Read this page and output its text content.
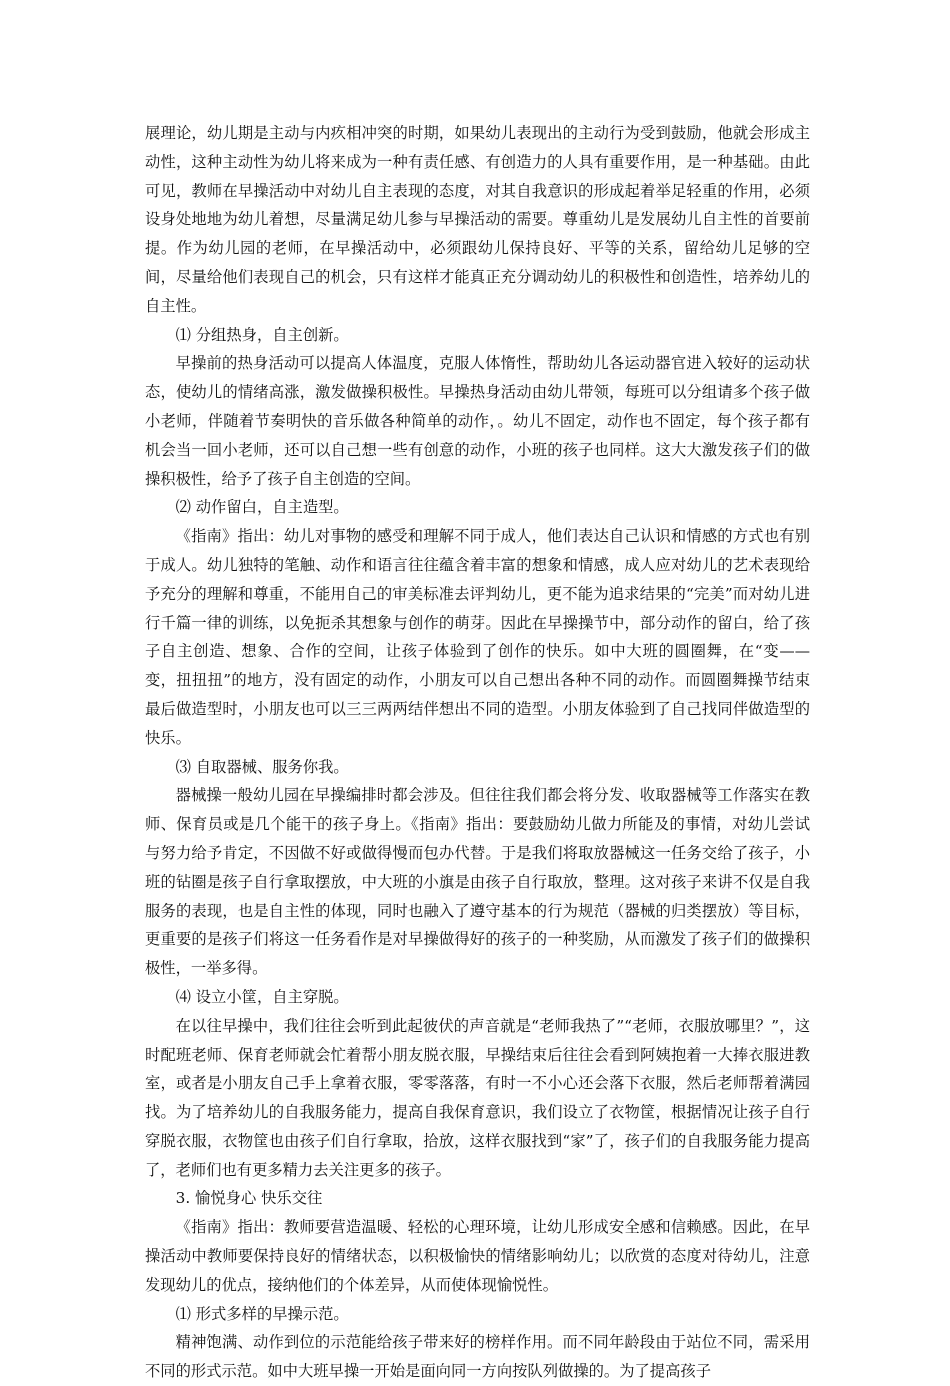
展理论，幼儿期是主动与内疚相冲突的时期，如果幼儿表现出的主动行为受到鼓励，他就会形成主动性，这种主动性为幼儿将来成为一种有责任感、有创造力的人具有重要作用，是一种基础。由此可见，教师在早操活动中对幼儿自主表现的态度，对其自我意识的形成起着举足轻重的作用，必须设身处地地为幼儿着想，尽量满足幼儿参与早操活动的需要。尊重幼儿是发展幼儿自主性的首要前提。作为幼儿园的老师，在早操活动中，必须跟幼儿保持良好、平等的关系，留给幼儿足够的空间，尽量给他们表现自己的机会，只有这样才能真正充分调动幼儿的积极性和创造性，培养幼儿的自主性。

⑴ 分组热身，自主创新。

早操前的热身活动可以提高人体温度，克服人体惰性，帮助幼儿各运动器官进入较好的运动状态，使幼儿的情绪高涨，激发做操积极性。早操热身活动由幼儿带领，每班可以分组请多个孩子做小老师，伴随着节奏明快的音乐做各种简单的动作，。幼儿不固定，动作也不固定，每个孩子都有机会当一回小老师，还可以自己想一些有创意的动作，小班的孩子也同样。这大大激发孩子们的做操积极性，给予了孩子自主创造的空间。

⑵ 动作留白，自主造型。

《指南》指出：幼儿对事物的感受和理解不同于成人，他们表达自己认识和情感的方式也有别于成人。幼儿独特的笔触、动作和语言往往蕴含着丰富的想象和情感，成人应对幼儿的艺术表现给予充分的理解和尊重，不能用自己的审美标准去评判幼儿，更不能为追求结果的“完美”而对幼儿进行千篇一律的训练，以免扼杀其想象与创作的萌芽。因此在早操操节中，部分动作的留白，给了孩子自主创造、想象、合作的空间，让孩子体验到了创作的快乐。如中大班的圆圈舞，在“变——变，扭扭扭”的地方，没有固定的动作，小朋友可以自己想出各种不同的动作。而圆圈舞操节结束最后做造型时，小朋友也可以三三两两结伴想出不同的造型。小朋友体验到了自己找同伴做造型的快乐。

⑶ 自取器械、服务你我。

器械操一般幼儿园在早操编排时都会涉及。但往往我们都会将分发、收取器械等工作落实在教师、保育员或是几个能干的孩子身上。《指南》指出：要鼓励幼儿做力所能及的事情，对幼儿尝试与努力给予肯定，不因做不好或做得慢而包办代替。于是我们将取放器械这一任务交给了孩子，小班的钻圈是孩子自行拿取摆放，中大班的小旗是由孩子自行取放，整理。这对孩子来讲不仅是自我服务的表现，也是自主性的体现，同时也融入了遵守基本的行为规范（器械的归类摆放）等目标，更重要的是孩子们将这一任务看作是对早操做得好的孩子的一种奖励，从而激发了孩子们的做操积极性，一举多得。

⑷ 设立小筐，自主穿脱。

在以往早操中，我们往往会听到此起彼伏的声音就是“老师我热了”“老师，衣服放哪里？”，这时配班老师、保育老师就会忙着帮小朋友脱衣服，早操结束后往往会看到阿姨抱着一大捧衣服进教室，或者是小朋友自己手上拿着衣服，零零落落，有时一不小心还会落下衣服，然后老师帮着满园找。为了培养幼儿的自我服务能力，提高自我保育意识，我们设立了衣物筐，根据情况让孩子自行穿脱衣服，衣物筐也由孩子们自行拿取，拾放，这样衣服找到“家”了，孩子们的自我服务能力提高了，老师们也有更多精力去关注更多的孩子。

3. 愉悦身心 快乐交往

《指南》指出：教师要营造温暖、轻松的心理环境，让幼儿形成安全感和信赖感。因此，在早操活动中教师要保持良好的情绪状态，以积极愉快的情绪影响幼儿；以欣赏的态度对待幼儿，注意发现幼儿的优点，接纳他们的个体差异，从而使体现愉悦性。

⑴ 形式多样的早操示范。

精神饱满、动作到位的示范能给孩子带来好的榜样作用。而不同年龄段由于站位不同，需采用不同的形式示范。如中大班早操一开始是面向同一方向按队列做操的。为了提高孩子
